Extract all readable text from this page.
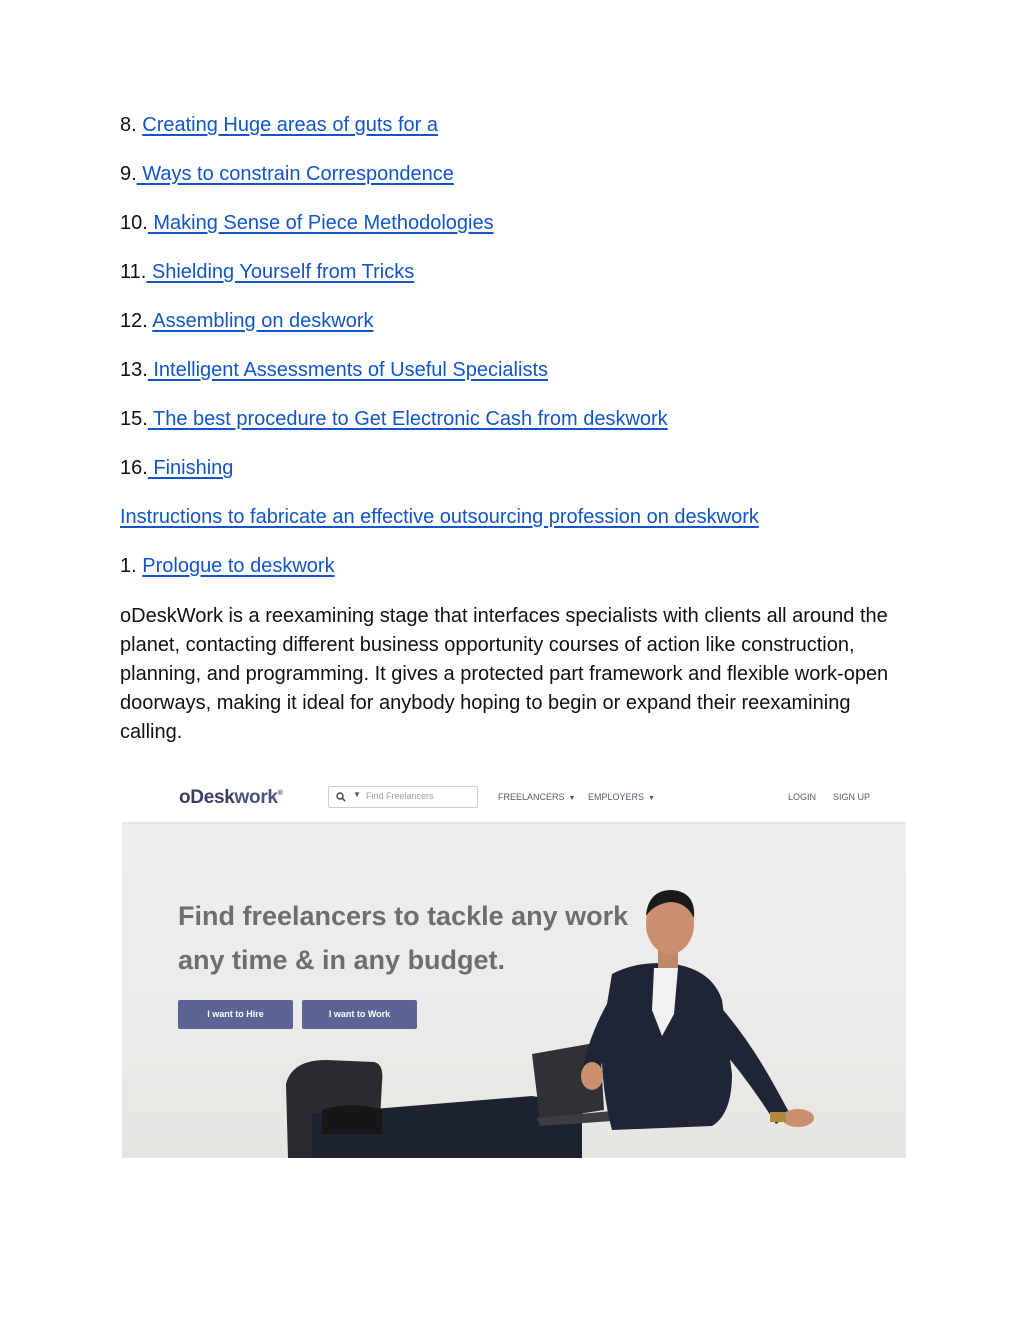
8. Creating Huge areas of guts for a
9. Ways to constrain Correspondence
10. Making Sense of Piece Methodologies
11. Shielding Yourself from Tricks
12. Assembling on deskwork
13. Intelligent Assessments of Useful Specialists
15. The best procedure to Get Electronic Cash from deskwork
16. Finishing
Instructions to fabricate an effective outsourcing profession on deskwork
1. Prologue to deskwork

oDeskWork is a reexamining stage that interfaces specialists with clients all around the planet, contacting different business opportunity courses of action like construction, planning, and programming. It gives a protected part framework and flexible work-open doorways, making it ideal for anybody hoping to begin or expand their reexamining calling.

oDeskwork®	▼ Find Freelancers	FREELANCERS ▼ EMPLOYERS ▼	LOGIN SIGN UP
Find freelancers to tackle any work
any time & in any budget.
I want to Hire	I want to Work
